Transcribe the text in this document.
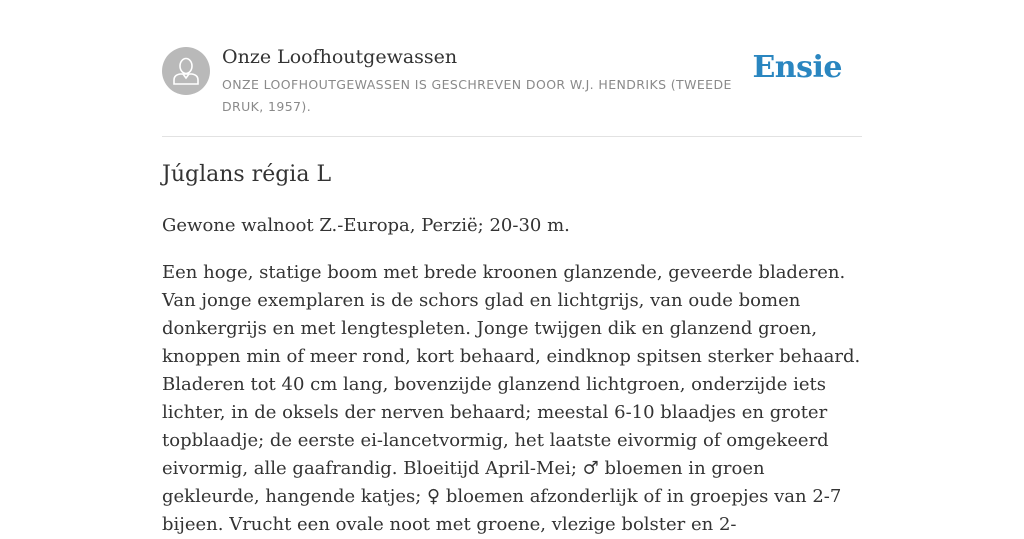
Onze Loofhoutgewassen
ONZE LOOFHOUTGEWASSEN IS GESCHREVEN DOOR W.J. HENDRIKS (TWEEDE DRUK, 1957).
Ensie
Júglans régia L

Gewone walnoot Z.-Europa, Perzië; 20-30 m.

Een hoge, statige boom met brede kroonen glanzende, geveerde bladeren. Van jonge exemplaren is de schors glad en lichtgrijs, van oude bomen donkergrijs en met lengtespleten. Jonge twijgen dik en glanzend groen, knoppen min of meer rond, kort behaard, eindknop spitsen sterker behaard. Bladeren tot 40 cm lang, bovenzijde glanzend lichtgroen, onderzijde iets lichter, in de oksels der nerven behaard; meestal 6-10 blaadjes en groter topblaadje; de eerste ei-lancetvormig, het laatste eivormig of omgekeerd eivormig, alle gaafrandig. Bloeitijd April-Mei; ♂ bloemen in groen gekleurde, hangende katjes; ♀ bloemen afzonderlijk of in groepjes van 2-7 bijeen. Vrucht een ovale noot met groene, vlezige bolster en 2-
